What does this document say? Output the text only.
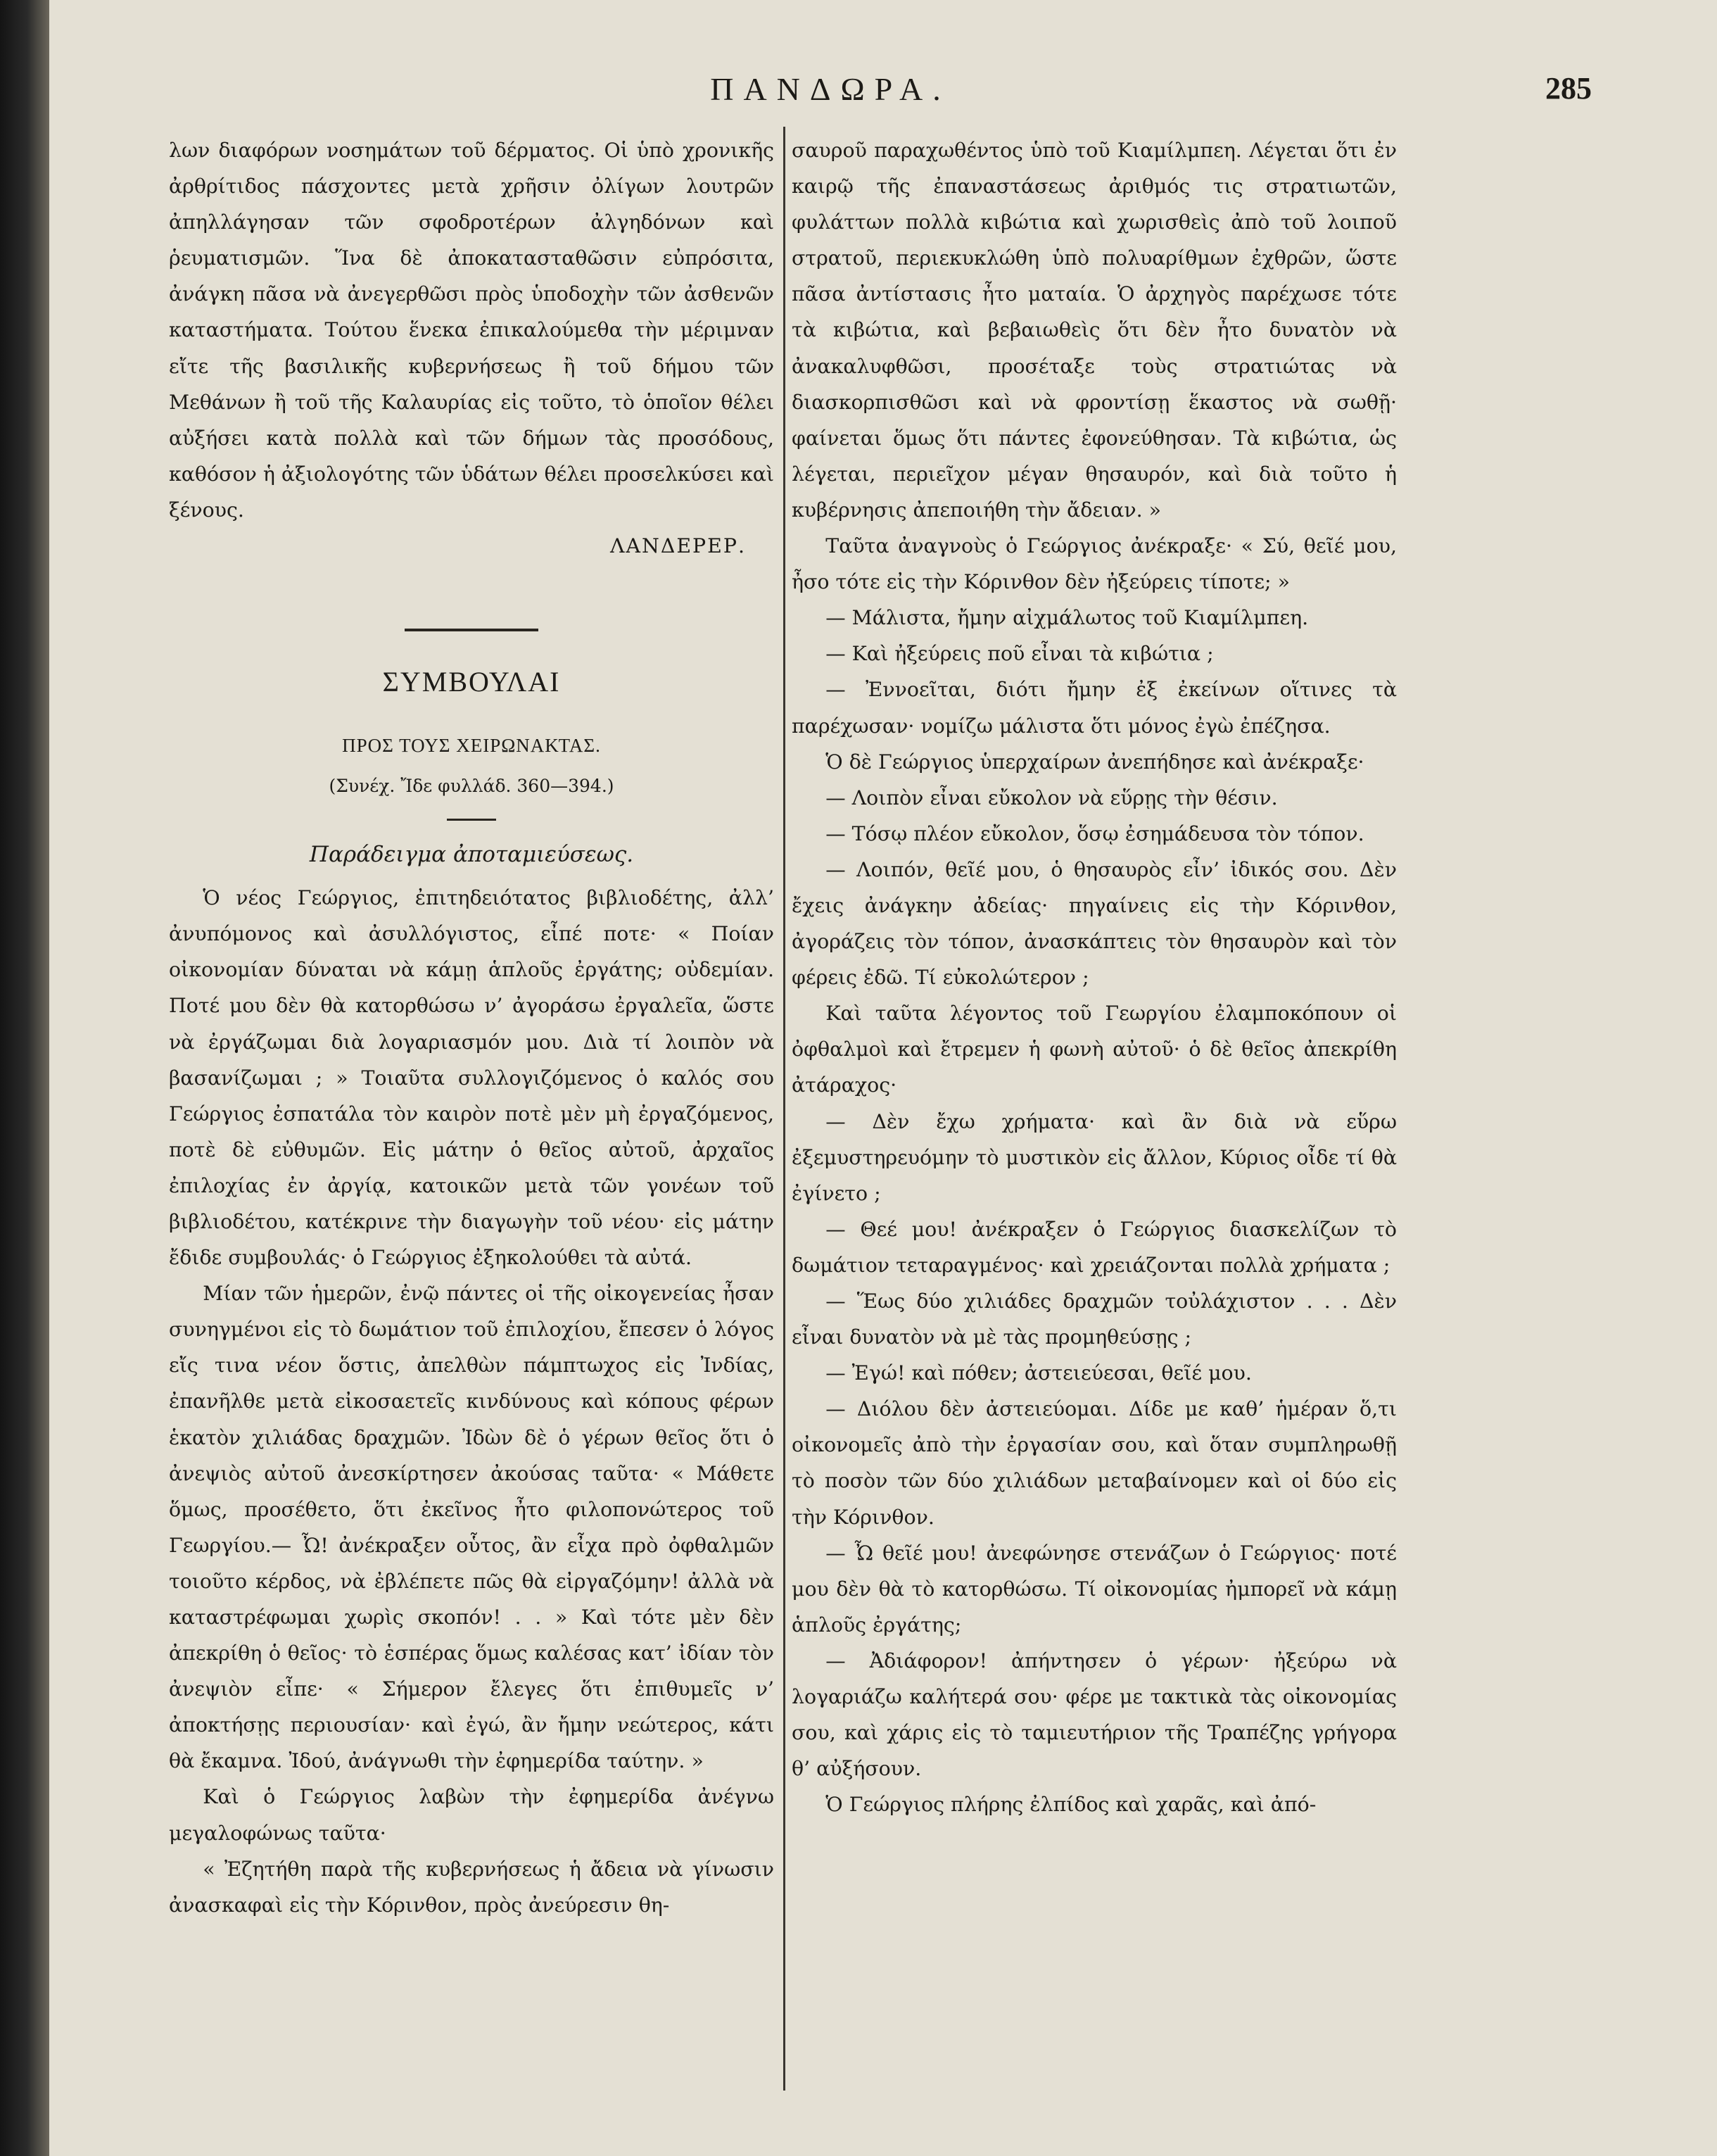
ΠΑΝΔΩΡΑ.	285

λων διαφόρων νοσημάτων τοῦ δέρματος. Οἱ ὑπὸ χρονικῆς ἀρθρίτιδος πάσχοντες μετὰ χρῆσιν ὀλίγων λουτρῶν ἀπηλλάγησαν τῶν σφοδροτέρων ἀλγηδόνων καὶ ῥευματισμῶν. Ἵνα δὲ ἀποκατασταθῶσιν εὐπρόσιτα, ἀνάγκη πᾶσα νὰ ἀνεγερθῶσι πρὸς ὑποδοχὴν τῶν ἀσθενῶν καταστήματα. Τούτου ἕνεκα ἐπικαλούμεθα τὴν μέριμναν εἴτε τῆς βασιλικῆς κυβερνήσεως ἢ τοῦ δήμου τῶν Μεθάνων ἢ τοῦ τῆς Καλαυρίας εἰς τοῦτο, τὸ ὁποῖον θέλει αὐξήσει κατὰ πολλὰ καὶ τῶν δήμων τὰς προσόδους, καθόσον ἡ ἀξιολογότης τῶν ὑδάτων θέλει προσελκύσει καὶ ξένους.

ΛΑΝΔΕΡΕΡ.
ΣΥΜΒΟΥΛΑΙ
ΠΡΟΣ ΤΟΥΣ ΧΕΙΡΩΝΑΚΤΑΣ.
(Συνέχ. Ἴδε φυλλάδ. 360—394.)
Παράδειγμα ἀποταμιεύσεως.

Ὁ νέος Γεώργιος, ἐπιτηδειότατος βιβλιοδέτης, ἀλλ’ ἀνυπόμονος καὶ ἀσυλλόγιστος, εἶπέ ποτε· « Ποίαν οἰκονομίαν δύναται νὰ κάμῃ ἁπλοῦς ἐργάτης; οὐδεμίαν. Ποτέ μου δὲν θὰ κατορθώσω ν’ ἀγοράσω ἐργαλεῖα, ὥστε νὰ ἐργάζωμαι διὰ λογαριασμόν μου. Διὰ τί λοιπὸν νὰ βασανίζωμαι ; » Τοιαῦτα συλλογιζόμενος ὁ καλός σου Γεώργιος ἐσπατάλα τὸν καιρὸν ποτὲ μὲν μὴ ἐργαζόμενος, ποτὲ δὲ εὐθυμῶν. Εἰς μάτην ὁ θεῖος αὐτοῦ, ἀρχαῖος ἐπιλοχίας ἐν ἀργίᾳ, κατοικῶν μετὰ τῶν γονέων τοῦ βιβλιοδέτου, κατέκρινε τὴν διαγωγὴν τοῦ νέου· εἰς μάτην ἔδιδε συμβουλάς· ὁ Γεώργιος ἐξηκολούθει τὰ αὐτά.

Μίαν τῶν ἡμερῶν, ἐνῷ πάντες οἱ τῆς οἰκογενείας ἦσαν συνηγμένοι εἰς τὸ δωμάτιον τοῦ ἐπιλοχίου, ἔπεσεν ὁ λόγος εἴς τινα νέον ὅστις, ἀπελθὼν πάμπτωχος εἰς Ἰνδίας, ἐπανῆλθε μετὰ εἰκοσαετεῖς κινδύνους καὶ κόπους φέρων ἑκατὸν χιλιάδας δραχμῶν. Ἰδὼν δὲ ὁ γέρων θεῖος ὅτι ὁ ἀνεψιὸς αὐτοῦ ἀνεσκίρτησεν ἀκούσας ταῦτα· « Μάθετε ὅμως, προσέθετο, ὅτι ἐκεῖνος ἦτο φιλοπονώτερος τοῦ Γεωργίου.— Ὦ! ἀνέκραξεν οὗτος, ἂν εἶχα πρὸ ὀφθαλμῶν τοιοῦτο κέρδος, νὰ ἐβλέπετε πῶς θὰ εἰργαζόμην! ἀλλὰ νὰ καταστρέφωμαι χωρὶς σκοπόν! . . » Καὶ τότε μὲν δὲν ἀπεκρίθη ὁ θεῖος· τὸ ἑσπέρας ὅμως καλέσας κατ’ ἰδίαν τὸν ἀνεψιὸν εἶπε· « Σήμερον ἔλεγες ὅτι ἐπιθυμεῖς ν’ ἀποκτήσῃς περιουσίαν· καὶ ἐγώ, ἂν ἤμην νεώτερος, κάτι θὰ ἔκαμνα. Ἰδού, ἀνάγνωθι τὴν ἐφημερίδα ταύτην. »

Καὶ ὁ Γεώργιος λαβὼν τὴν ἐφημερίδα ἀνέγνω μεγαλοφώνως ταῦτα·

« Ἐζητήθη παρὰ τῆς κυβερνήσεως ἡ ἄδεια νὰ γίνωσιν ἀνασκαφαὶ εἰς τὴν Κόρινθον, πρὸς ἀνεύρεσιν θη-

σαυροῦ παραχωθέντος ὑπὸ τοῦ Κιαμίλμπεη. Λέγεται ὅτι ἐν καιρῷ τῆς ἐπαναστάσεως ἀριθμός τις στρατιωτῶν, φυλάττων πολλὰ κιβώτια καὶ χωρισθεὶς ἀπὸ τοῦ λοιποῦ στρατοῦ, περιεκυκλώθη ὑπὸ πολυαρίθμων ἐχθρῶν, ὥστε πᾶσα ἀντίστασις ἦτο ματαία. Ὁ ἀρχηγὸς παρέχωσε τότε τὰ κιβώτια, καὶ βεβαιωθεὶς ὅτι δὲν ἦτο δυνατὸν νὰ ἀνακαλυφθῶσι, προσέταξε τοὺς στρατιώτας νὰ διασκορπισθῶσι καὶ νὰ φροντίσῃ ἕκαστος νὰ σωθῇ· φαίνεται ὅμως ὅτι πάντες ἐφονεύθησαν. Τὰ κιβώτια, ὡς λέγεται, περιεῖχον μέγαν θησαυρόν, καὶ διὰ τοῦτο ἡ κυβέρνησις ἀπεποιήθη τὴν ἄδειαν. »

Ταῦτα ἀναγνοὺς ὁ Γεώργιος ἀνέκραξε· « Σύ, θεῖέ μου, ἦσο τότε εἰς τὴν Κόρινθον δὲν ἠξεύρεις τίποτε; »

— Μάλιστα, ἤμην αἰχμάλωτος τοῦ Κιαμίλμπεη.

— Καὶ ἠξεύρεις ποῦ εἶναι τὰ κιβώτια ;

— Ἐννοεῖται, διότι ἤμην ἐξ ἐκείνων οἵτινες τὰ παρέχωσαν· νομίζω μάλιστα ὅτι μόνος ἐγὼ ἐπέζησα.

Ὁ δὲ Γεώργιος ὑπερχαίρων ἀνεπήδησε καὶ ἀνέκραξε·

— Λοιπὸν εἶναι εὔκολον νὰ εὕρῃς τὴν θέσιν.

— Τόσῳ πλέον εὔκολον, ὅσῳ ἐσημάδευσα τὸν τόπον.

— Λοιπόν, θεῖέ μου, ὁ θησαυρὸς εἶν’ ἰδικός σου. Δὲν ἔχεις ἀνάγκην ἀδείας· πηγαίνεις εἰς τὴν Κόρινθον, ἀγοράζεις τὸν τόπον, ἀνασκάπτεις τὸν θησαυρὸν καὶ τὸν φέρεις ἐδῶ. Τί εὐκολώτερον ;

Καὶ ταῦτα λέγοντος τοῦ Γεωργίου ἐλαμποκόπουν οἱ ὀφθαλμοὶ καὶ ἔτρεμεν ἡ φωνὴ αὐτοῦ· ὁ δὲ θεῖος ἀπεκρίθη ἀτάραχος·

— Δὲν ἔχω χρήματα· καὶ ἂν διὰ νὰ εὕρω ἐξεμυστηρευόμην τὸ μυστικὸν εἰς ἄλλον, Κύριος οἶδε τί θὰ ἐγίνετο ;

— Θεέ μου! ἀνέκραξεν ὁ Γεώργιος διασκελίζων τὸ δωμάτιον τεταραγμένος· καὶ χρειάζονται πολλὰ χρήματα ;

— Ἕως δύο χιλιάδες δραχμῶν τοὐλάχιστον . . . Δὲν εἶναι δυνατὸν νὰ μὲ τὰς προμηθεύσῃς ;

— Ἐγώ! καὶ πόθεν; ἀστειεύεσαι, θεῖέ μου.

— Διόλου δὲν ἀστειεύομαι. Δίδε με καθ’ ἡμέραν ὅ,τι οἰκονομεῖς ἀπὸ τὴν ἐργασίαν σου, καὶ ὅταν συμπληρωθῇ τὸ ποσὸν τῶν δύο χιλιάδων μεταβαίνομεν καὶ οἱ δύο εἰς τὴν Κόρινθον.

— Ὦ θεῖέ μου! ἀνεφώνησε στενάζων ὁ Γεώργιος· ποτέ μου δὲν θὰ τὸ κατορθώσω. Τί οἰκονομίας ἠμπορεῖ νὰ κάμῃ ἁπλοῦς ἐργάτης;

— Ἀδιάφορον! ἀπήντησεν ὁ γέρων· ἠξεύρω νὰ λογαριάζω καλήτερά σου· φέρε με τακτικὰ τὰς οἰκονομίας σου, καὶ χάρις εἰς τὸ ταμιευτήριον τῆς Τραπέζης γρήγορα θ’ αὐξήσουν.

Ὁ Γεώργιος πλήρης ἐλπίδος καὶ χαρᾶς, καὶ ἀπό-
